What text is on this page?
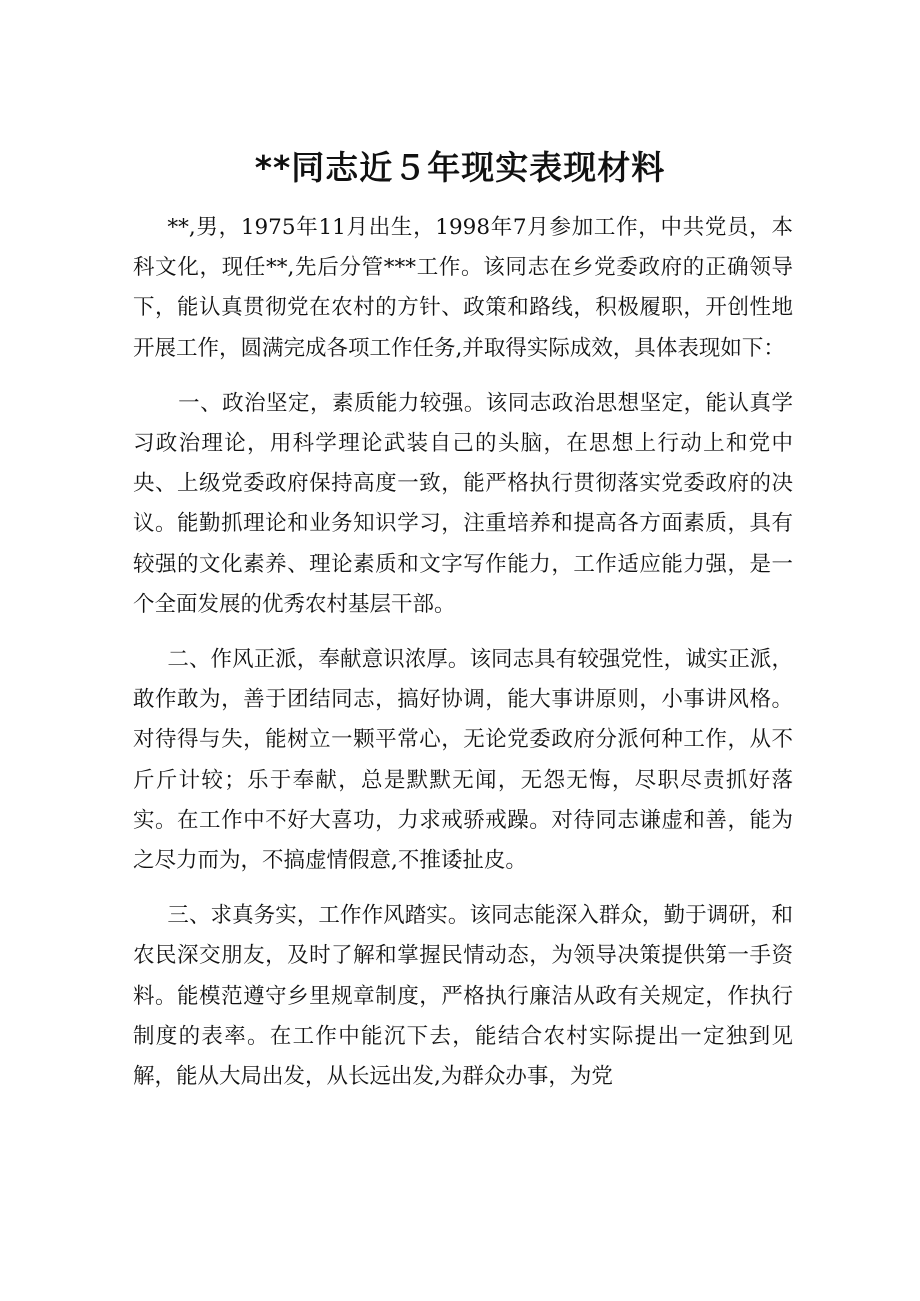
**同志近５年现实表现材料

**,男，1975年11月出生，1998年7月参加工作，中共党员，本科文化，现任**,先后分管***工作。该同志在乡党委政府的正确领导下，能认真贯彻党在农村的方针、政策和路线，积极履职，开创性地开展工作，圆满完成各项工作任务,并取得实际成效，具体表现如下：

一、政治坚定，素质能力较强。该同志政治思想坚定，能认真学习政治理论，用科学理论武装自己的头脑，在思想上行动上和党中央、上级党委政府保持高度一致，能严格执行贯彻落实党委政府的决议。能勤抓理论和业务知识学习，注重培养和提高各方面素质，具有较强的文化素养、理论素质和文字写作能力，工作适应能力强，是一个全面发展的优秀农村基层干部。

二、作风正派，奉献意识浓厚。该同志具有较强党性，诚实正派，敢作敢为，善于团结同志，搞好协调，能大事讲原则，小事讲风格。对待得与失，能树立一颗平常心，无论党委政府分派何种工作，从不斤斤计较；乐于奉献，总是默默无闻，无怨无悔，尽职尽责抓好落实。在工作中不好大喜功，力求戒骄戒躁。对待同志谦虚和善，能为之尽力而为，不搞虚情假意,不推诿扯皮。

三、求真务实，工作作风踏实。该同志能深入群众，勤于调研，和农民深交朋友，及时了解和掌握民情动态，为领导决策提供第一手资料。能模范遵守乡里规章制度，严格执行廉洁从政有关规定，作执行制度的表率。在工作中能沉下去，能结合农村实际提出一定独到见解，能从大局出发，从长远出发,为群众办事，为党
